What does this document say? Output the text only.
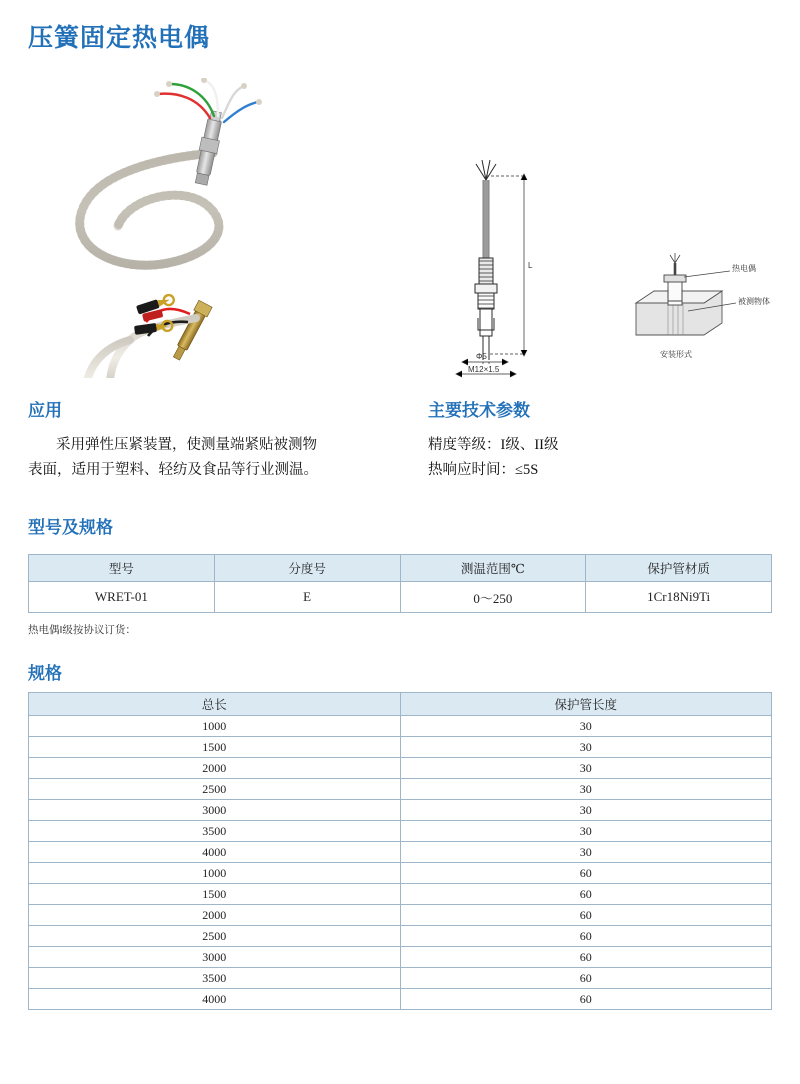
压簧固定热电偶
L
Φ5
M12×1.5
热电偶
被测物体
安装形式
应用
采用弹性压紧装置，使测量端紧贴被测物
表面，适用于塑料、轻纺及食品等行业测温。
主要技术参数
精度等级：I级、II级
热响应时间：≤5S
型号及规格
型号	分度号	测温范围℃	保护管材质
WRET-01	E	0～250	1Cr18Ni9Ti
热电偶I级按协议订货：
规格
总长	保护管长度
1000	30
1500	30
2000	30
2500	30
3000	30
3500	30
4000	30
1000	60
1500	60
2000	60
2500	60
3000	60
3500	60
4000	60
